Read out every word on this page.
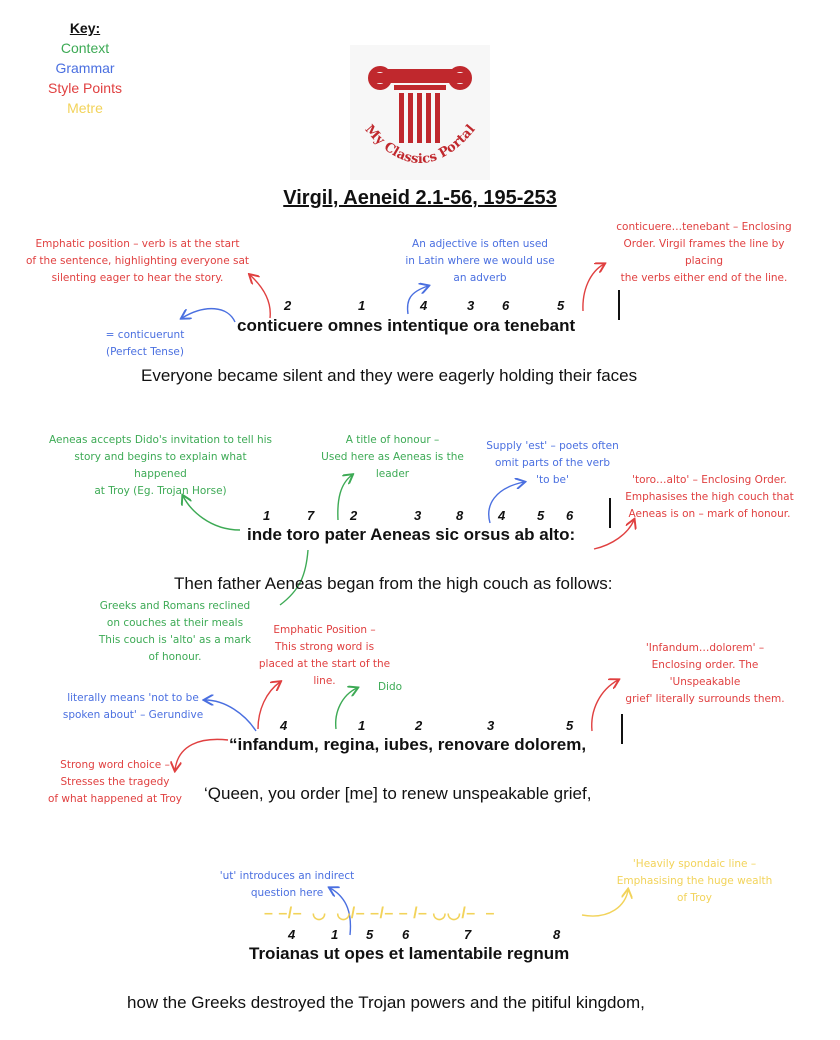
Key:
Context
Grammar
Style Points
Metre
My Classics Portal
Virgil, Aeneid 2.1-56, 195-253
Emphatic position – verb is at the start
of the sentence, highlighting everyone sat
silenting eager to hear the story.
An adjective is often used
in Latin where we would use
an adverb
conticuere…tenebant – Enclosing
Order. Virgil frames the line by placing
the verbs either end of the line.
= conticuerunt
(Perfect Tense)
2	1	4	3 6	5
conticuere omnes intentique ora tenebant
Everyone became silent and they were eagerly holding their faces
Aeneas accepts Dido's invitation to tell his
story and begins to explain what happened
at Troy (Eg. Trojan Horse)
A title of honour –
Used here as Aeneas is the
leader
Supply 'est' – poets often
omit parts of the verb
'to be'	'toro…alto' – Enclosing Order.
Emphasises the high couch that
Aeneas is on – mark of honour.
Greeks and Romans reclined
on couches at their meals
This couch is 'alto' as a mark
of honour.
1	7	2	3	8	4 5 6
inde toro pater Aeneas sic orsus ab alto:
Then father Aeneas began from the high couch as follows:
Emphatic Position –
This strong word is
placed at the start of the
line.	Dido
'Infandum…dolorem' –
Enclosing order. The 'Unspeakable
grief' literally surrounds them.
literally means 'not to be
spoken about' – Gerundive
Strong word choice –
Stresses the tragedy
of what happened at Troy
4	1	2	3	5
“infandum, regina, iubes, renovare dolorem,
‘Queen, you order [me] to renew unspeakable grief,
'ut' introduces an indirect
question here
'Heavily spondaic line –
Emphasising the huge wealth
of Troy
– –/–  ◡  ◡/– –/– – /– ◡◡/–  –
4	1 5 6	7	8
Troianas ut opes et lamentabile regnum
how the Greeks destroyed the Trojan powers and the pitiful kingdom,
